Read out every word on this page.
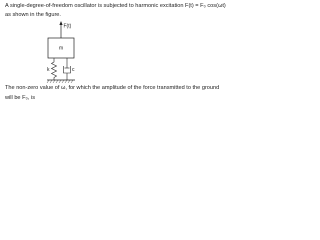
A single-degree-of-freedom oscillator is subjected to harmonic excitation F(t) = F₀ cos(ωt)
as shown in the figure.
F(t)
m
k	c
The non-zero value of ω, for which the amplitude of the force transmitted to the ground
will be F₀, is
